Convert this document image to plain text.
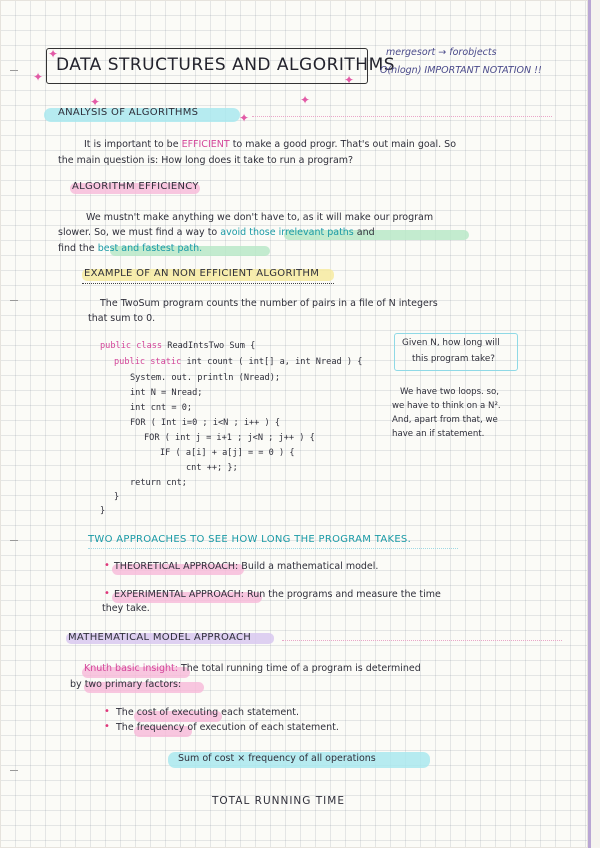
✦
✦
✦
DATA STRUCTURES AND ALGORITHMS
mergesort → forobjects
O(nlogn) IMPORTANT NOTATION !!
✦	✦
✦
ANALYSIS OF ALGORITHMS
It is important to be EFFICIENT to make a good progr. That's out main goal. So
the main question is: How long does it take to run a program?
ALGORITHM EFFICIENCY
We mustn't make anything we don't have to, as it will make our program
slower. So, we must find a way to avoid those irrelevant paths and
find the best and fastest path.
EXAMPLE OF AN NON EFFICIENT ALGORITHM
The TwoSum program counts the number of pairs in a file of N integers
that sum to 0.
public class ReadIntsTwo Sum {
public static int count ( int[] a, int Nread ) {
System. out. println (Nread);
int N = Nread;
int cnt = 0;
FOR ( Int i=0 ; i<N ; i++ ) {
FOR ( int j = i+1 ; j<N ; j++ ) {
IF ( a[i] + a[j] = = 0 ) {
cnt ++; };
return cnt;
}
}
Given N, how long will
this program take?
We have two loops. so,
we have to think on a N².
And, apart from that, we
have an if statement.
TWO APPROACHES TO SEE HOW LONG THE PROGRAM TAKES.
• THEORETICAL APPROACH: Build a mathematical model.
• EXPERIMENTAL APPROACH: Run the programs and measure the time
they take.
MATHEMATICAL MODEL APPROACH
Knuth basic insight: The total running time of a program is determined
by two primary factors:
• The cost of executing each statement.
• The frequency of execution of each statement.
Sum of cost × frequency of all operations
TOTAL RUNNING TIME
